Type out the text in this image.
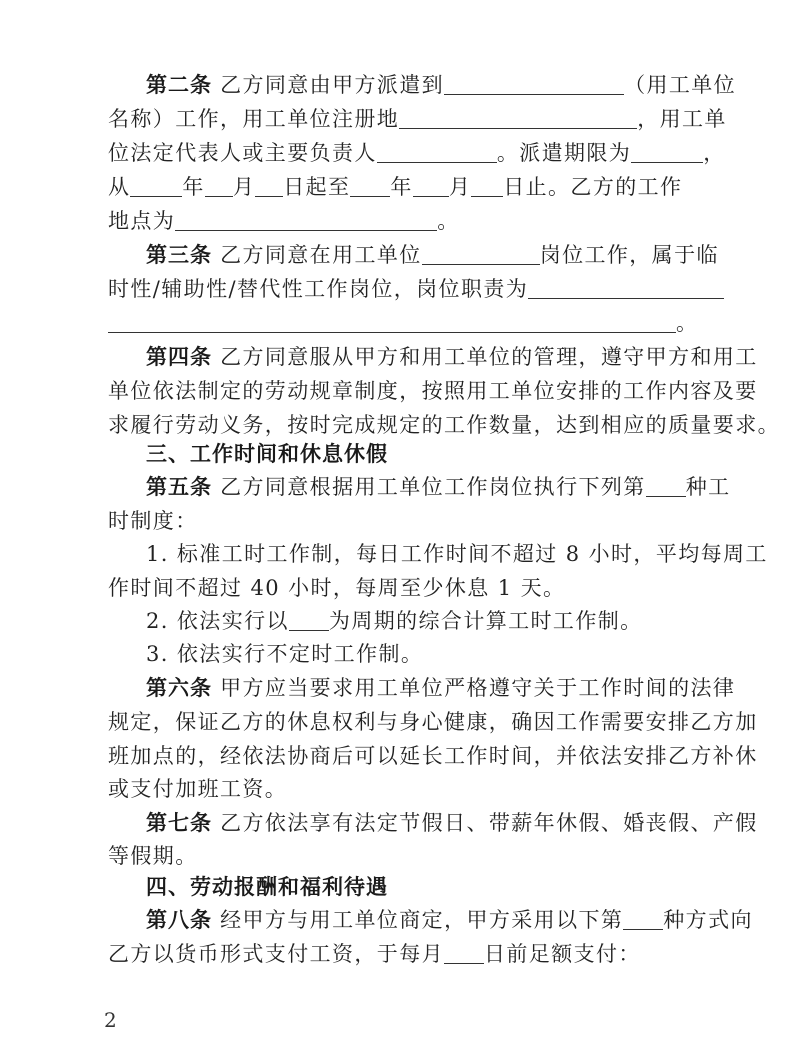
第二条 乙方同意由甲方派遣到	（用工单位
名称）工作，用工单位注册地	，用工单
位法定代表人或主要负责人	。派遣期限为	，
从 年 月 日起至 年 月 日止。乙方的工作
地点为	。
第三条 乙方同意在用工单位	岗位工作，属于临
时性/辅助性/替代性工作岗位，岗位职责为
。
第四条 乙方同意服从甲方和用工单位的管理，遵守甲方和用工
单位依法制定的劳动规章制度，按照用工单位安排的工作内容及要
求履行劳动义务，按时完成规定的工作数量，达到相应的质量要求。
三、工作时间和休息休假
第五条 乙方同意根据用工单位工作岗位执行下列第 种工
时制度：
1. 标准工时工作制，每日工作时间不超过 8 小时，平均每周工
作时间不超过 40 小时，每周至少休息 1 天。
2. 依法实行以 为周期的综合计算工时工作制。
3. 依法实行不定时工作制。
第六条 甲方应当要求用工单位严格遵守关于工作时间的法律
规定，保证乙方的休息权利与身心健康，确因工作需要安排乙方加
班加点的，经依法协商后可以延长工作时间，并依法安排乙方补休
或支付加班工资。
第七条 乙方依法享有法定节假日、带薪年休假、婚丧假、产假
等假期。
四、劳动报酬和福利待遇
第八条 经甲方与用工单位商定，甲方采用以下第 种方式向
乙方以货币形式支付工资，于每月 日前足额支付：
2
